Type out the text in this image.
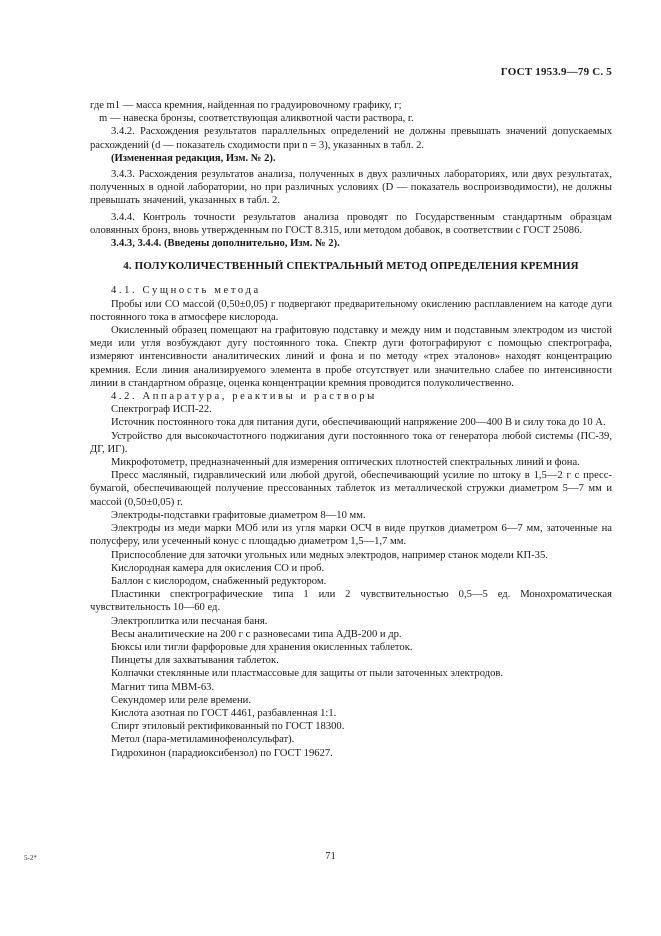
ГОСТ 1953.9—79 С. 5

где m1 — масса кремния, найденная по градуировочному графику, г;

m — навеска бронзы, соответствующая аликвотной части раствора, г.

3.4.2. Расхождения результатов параллельных определений не должны превышать значений допускаемых расхождений (d — показатель сходимости при n = 3), указанных в табл. 2.

(Измененная редакция, Изм. № 2).

3.4.3. Расхождения результатов анализа, полученных в двух различных лабораториях, или двух результатах, полученных в одной лаборатории, но при различных условиях (D — показатель воспроизводимости), не должны превышать значений, указанных в табл. 2.

3.4.4. Контроль точности результатов анализа проводят по Государственным стандартным образцам оловянных бронз, вновь утвержденным по ГОСТ 8.315, или методом добавок, в соответствии с ГОСТ 25086.

3.4.3, 3.4.4. (Введены дополнительно, Изм. № 2).

4. ПОЛУКОЛИЧЕСТВЕННЫЙ СПЕКТРАЛЬНЫЙ МЕТОД ОПРЕДЕЛЕНИЯ КРЕМНИЯ

4.1. Сущность метода

Пробы или СО массой (0,50±0,05) г подвергают предварительному окислению расплавлением на катоде дуги постоянного тока в атмосфере кислорода.

Окисленный образец помещают на графитовую подставку и между ним и подставным электродом из чистой меди или угля возбуждают дугу постоянного тока. Спектр дуги фотографируют с помощью спектрографа, измеряют интенсивности аналитических линий и фона и по методу «трех эталонов» находят концентрацию кремния. Если линия анализируемого элемента в пробе отсутствует или значительно слабее по интенсивности линии в стандартном образце, оценка концентрации кремния проводится полуколичественно.

4.2. Аппаратура, реактивы и растворы

Спектрограф ИСП-22.

Источник постоянного тока для питания дуги, обеспечивающий напряжение 200—400 В и силу тока до 10 А.

Устройство для высокочастотного поджигания дуги постоянного тока от генератора любой системы (ПС-39, ДГ, ИГ).

Микрофотометр, предназначенный для измерения оптических плотностей спектральных линий и фона.

Пресс масляный, гидравлический или любой другой, обеспечивающий усилие по штоку в 1,5—2 г с пресс-бумагой, обеспечивающей получение прессованных таблеток из металлической стружки диаметром 5—7 мм и массой (0,50±0,05) г.

Электроды-подставки графитовые диаметром 8—10 мм.

Электроды из меди марки МОб или из угля марки ОСЧ в виде прутков диаметром 6—7 мм, заточенные на полусферу, или усеченный конус с площадью диаметром 1,5—1,7 мм.

Приспособление для заточки угольных или медных электродов, например станок модели КП-35.

Кислородная камера для окисления СО и проб.

Баллон с кислородом, снабженный редуктором.

Пластинки спектрографические типа 1 или 2 чувствительностью 0,5—5 ед. Монохроматическая чувствительность 10—60 ед.

Электроплитка или песчаная баня.

Весы аналитические на 200 г с разновесами типа АДВ-200 и др.

Бюксы или тигли фарфоровые для хранения окисленных таблеток.

Пинцеты для захватывания таблеток.

Колпачки стеклянные или пластмассовые для защиты от пыли заточенных электродов.

Магнит типа МВМ-63.

Секундомер или реле времени.

Кислота азотная по ГОСТ 4461, разбавленная 1:1.

Спирт этиловый ректификованный по ГОСТ 18300.

Метол (пара-метиламинофенолсульфат).

Гидрохинон (парадиоксибензол) по ГОСТ 19627.

5-2*	71
